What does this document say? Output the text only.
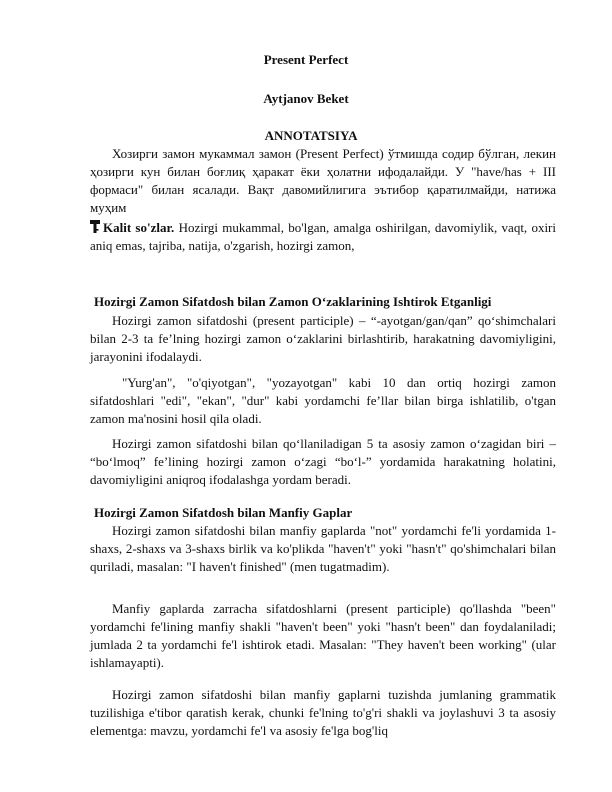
Present Perfect
Aytjanov Beket
ANNOTATSIYA
Хозирги замон мукаммал замон (Present Perfect) ўтмишда содир бўлган, лекин ҳозирги кун билан боғлиқ ҳаракат ёки ҳолатни ифодалайди. У "have/has + III формаси" билан ясалади. Вақт давомийлигига эътибор қаратилмайди, натижа муҳим
Kalit so'zlar. Hozirgi mukammal, bo'lgan, amalga oshirilgan, davomiylik, vaqt, oxiri aniq emas, tajriba, natija, o'zgarish, hozirgi zamon,
Hozirgi Zamon Sifatdosh bilan Zamon O‘zaklarining Ishtirok Etganligi
Hozirgi zamon sifatdoshi (present participle) – “-ayotgan/gan/qan” qo‘shimchalari bilan 2-3 ta fe’lning hozirgi zamon o‘zaklarini birlashtirib, harakatning davomiyligini, jarayonini ifodalaydi.
"Yurg'an", "o'qiyotgan", "yozayotgan" kabi 10 dan ortiq hozirgi zamon sifatdoshlari "edi", "ekan", "dur" kabi yordamchi fe’llar bilan birga ishlatilib, o'tgan zamon ma'nosini hosil qila oladi.
Hozirgi zamon sifatdoshi bilan qo‘llaniladigan 5 ta asosiy zamon o‘zagidan biri – “bo‘lmoq” fe’lining hozirgi zamon o‘zagi “bo‘l-” yordamida harakatning holatini, davomiyligini aniqroq ifodalashga yordam beradi.
Hozirgi Zamon Sifatdosh bilan Manfiy Gaplar
Hozirgi zamon sifatdoshi bilan manfiy gaplarda "not" yordamchi fe'li yordamida 1-shaxs, 2-shaxs va 3-shaxs birlik va ko'plikda "haven't" yoki "hasn't" qo'shimchalari bilan quriladi, masalan: "I haven't finished" (men tugatmadim).
Manfiy gaplarda zarracha sifatdoshlarni (present participle) qo'llashda "been" yordamchi fe'lining manfiy shakli "haven't been" yoki "hasn't been" dan foydalaniladi; jumlada 2 ta yordamchi fe'l ishtirok etadi. Masalan: "They haven't been working" (ular ishlamayapti).
Hozirgi zamon sifatdoshi bilan manfiy gaplarni tuzishda jumlaning grammatik tuzilishiga e'tibor qaratish kerak, chunki fe'lning to'g'ri shakli va joylashuvi 3 ta asosiy elementga: mavzu, yordamchi fe'l va asosiy fe'lga bog'liq
